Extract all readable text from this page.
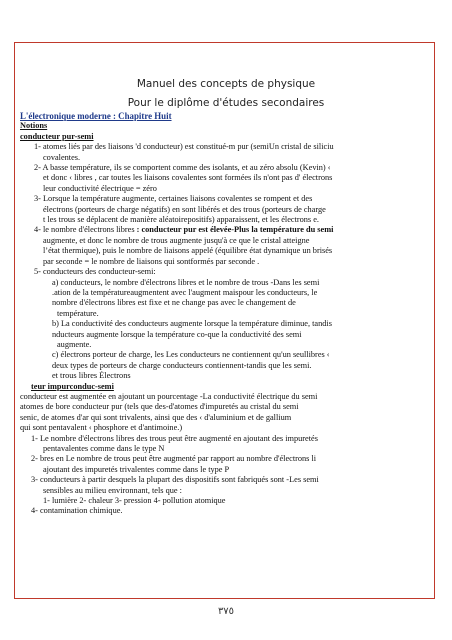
Manuel des concepts de physique
Pour le diplôme d'études secondaires
L'électronique moderne : Chapitre Huit
Notions
conducteur pur-semi
1- atomes liés par des liaisons 'd conducteur) est constitué-m pur (semiUn cristal de siliciu
covalentes.
2- A basse température, ils se comportent comme des isolants, et au zéro absolu (Kevin) ‹
et donc ‹ libres , car toutes les liaisons covalentes sont formées ils n'ont pas d' électrons
leur conductivité électrique = zéro
3- Lorsque la température augmente, certaines liaisons covalentes se rompent et des
électrons (porteurs de charge négatifs) en sont libérés et des trous (porteurs de charge
t les trous se déplacent de manière aléatoirepositifs) apparaissent, et les électrons e.
4- le nombre d'électrons libres : conducteur pur est élevée-Plus la température du semi
augmente, et donc le nombre de trous augmente jusqu'à ce que le cristal atteigne
l’état thermique), puis le nombre de liaisons appelé (équilibre état dynamique un brisés
par seconde = le nombre de liaisons qui sontformés par seconde .
5- conducteurs des conducteur-semi:
a) conducteurs, le nombre d'électrons libres et le nombre de trous -Dans les semi
.ation de la températureaugmentent avec l'augment maispour les conducteurs, le
nombre d'électrons libres est fixe et ne change pas avec le changement de
température.
b) La conductivité des conducteurs augmente lorsque la température diminue, tandis
nducteurs augmente lorsque la température co-que la conductivité des semi
augmente.
c) électrons porteur de charge, les Les conducteurs ne contiennent qu'un seullibres ‹
deux types de porteurs de charge conducteurs contiennent-tandis que les semi.
et trous libres Électrons
teur impurconduc-semi
conducteur est augmentée en ajoutant un pourcentage -La conductivité électrique du semi
atomes de bore conducteur pur (tels que des-d'atomes d'impuretés au cristal du semi
senic, de atomes d'ar qui sont trivalents, ainsi que des ‹ d'aluminium et de gallium
qui sont pentavalent ‹ phosphore et d'antimoine.)
1- Le nombre d'électrons libres des trous peut être augmenté en ajoutant des impuretés
pentavalentes comme dans le type N
2- bres en Le nombre de trous peut être augmenté par rapport au nombre d'électrons li
ajoutant des impuretés trivalentes comme dans le type P
3- conducteurs à partir desquels la plupart des dispositifs sont fabriqués sont -Les semi
sensibles au milieu environnant, tels que :
1- lumière 2- chaleur 3- pression 4- pollution atomique
4- contamination chimique.
٣٧٥
